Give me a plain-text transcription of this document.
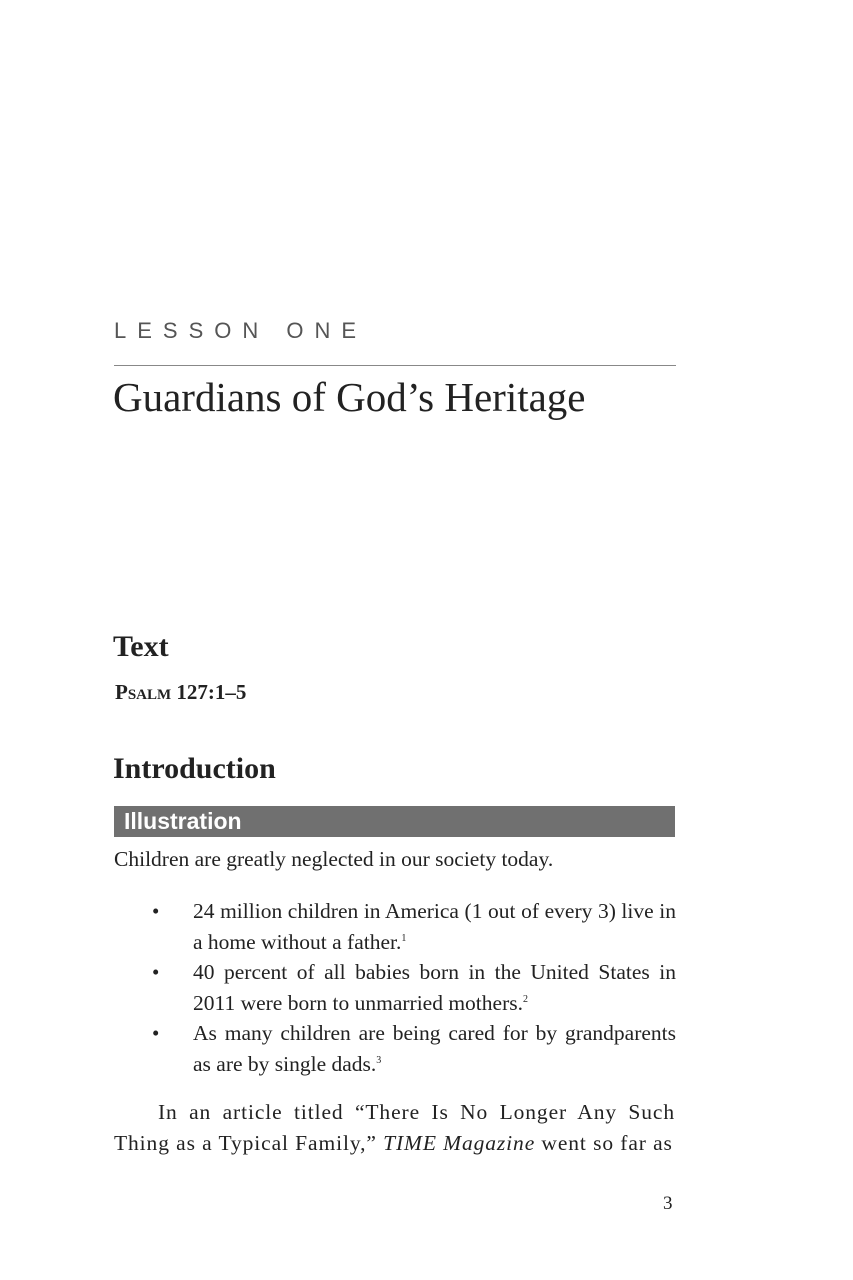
LESSON ONE
Guardians of God’s Heritage
Text
Psalm 127:1–5
Introduction
Illustration
Children are greatly neglected in our society today.
• 24 million children in America (1 out of every 3) live in a home without a father.$^1$
• 40 percent of all babies born in the United States in 2011 were born to unmarried mothers.$^2$
• As many children are being cared for by grandparents as are by single dads.$^3$
In an article titled “There Is No Longer Any Such Thing as a Typical Family,” TIME Magazine went so far as
3
